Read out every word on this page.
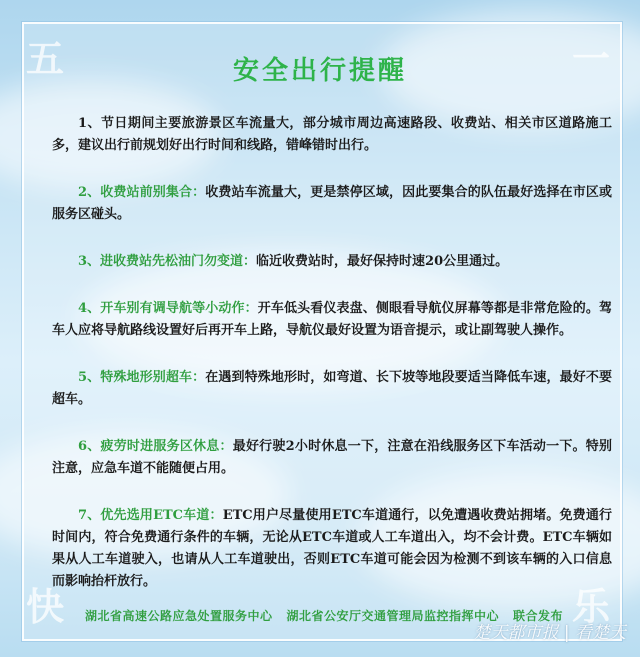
五	一
快	乐
安全出行提醒

1、节日期间主要旅游景区车流量大，部分城市周边高速路段、收费站、相关市区道路施工多，建议出行前规划好出行时间和线路，错峰错时出行。

2、收费站前别集合：收费站车流量大，更是禁停区域，因此要集合的队伍最好选择在市区或服务区碰头。

3、进收费站先松油门勿变道：临近收费站时，最好保持时速20公里通过。

4、开车别有调导航等小动作：开车低头看仪表盘、侧眼看导航仪屏幕等都是非常危险的。驾车人应将导航路线设置好后再开车上路，导航仪最好设置为语音提示，或让副驾驶人操作。

5、特殊地形别超车：在遇到特殊地形时，如弯道、长下坡等地段要适当降低车速，最好不要超车。

6、疲劳时进服务区休息：最好行驶2小时休息一下，注意在沿线服务区下车活动一下。特别注意，应急车道不能随便占用。

7、优先选用ETC车道：ETC用户尽量使用ETC车道通行，以免遭遇收费站拥堵。免费通行时间内，符合免费通行条件的车辆，无论从ETC车道或人工车道出入，均不会计费。ETC车辆如果从人工车道驶入，也请从人工车道驶出，否则ETC车道可能会因为检测不到该车辆的入口信息而影响抬杆放行。

湖北省高速公路应急处置服务中心 湖北省公安厅交通管理局监控指挥中心 联合发布
楚天都市报 | 看楚天
